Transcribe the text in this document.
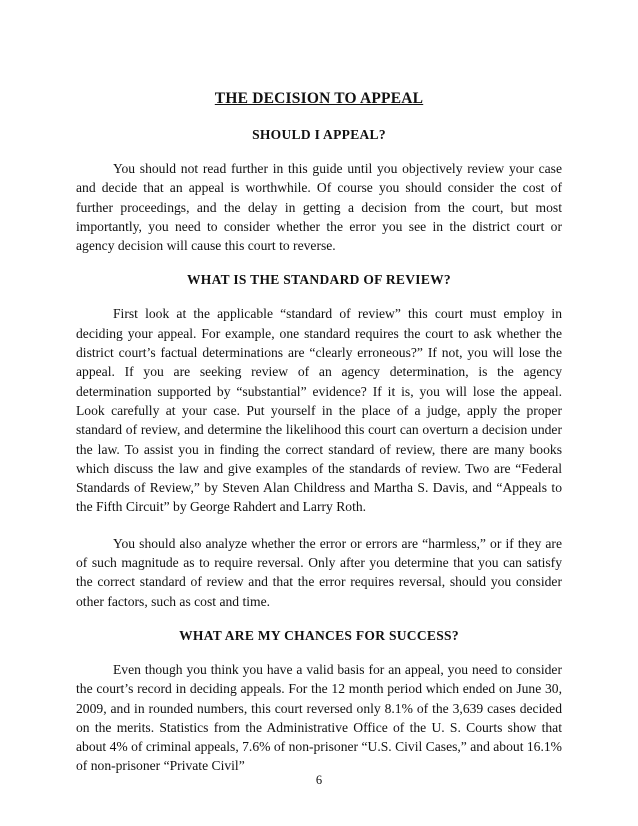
THE DECISION TO APPEAL
SHOULD I APPEAL?

You should not read further in this guide until you objectively review your case and decide that an appeal is worthwhile. Of course you should consider the cost of further proceedings, and the delay in getting a decision from the court, but most importantly, you need to consider whether the error you see in the district court or agency decision will cause this court to reverse.

WHAT IS THE STANDARD OF REVIEW?

First look at the applicable “standard of review” this court must employ in deciding your appeal. For example, one standard requires the court to ask whether the district court’s factual determinations are “clearly erroneous?” If not, you will lose the appeal. If you are seeking review of an agency determination, is the agency determination supported by “substantial” evidence? If it is, you will lose the appeal. Look carefully at your case. Put yourself in the place of a judge, apply the proper standard of review, and determine the likelihood this court can overturn a decision under the law. To assist you in finding the correct standard of review, there are many books which discuss the law and give examples of the standards of review. Two are “Federal Standards of Review,” by Steven Alan Childress and Martha S. Davis, and “Appeals to the Fifth Circuit” by George Rahdert and Larry Roth.

You should also analyze whether the error or errors are “harmless,” or if they are of such magnitude as to require reversal. Only after you determine that you can satisfy the correct standard of review and that the error requires reversal, should you consider other factors, such as cost and time.

WHAT ARE MY CHANCES FOR SUCCESS?

Even though you think you have a valid basis for an appeal, you need to consider the court’s record in deciding appeals. For the 12 month period which ended on June 30, 2009, and in rounded numbers, this court reversed only 8.1% of the 3,639 cases decided on the merits. Statistics from the Administrative Office of the U. S. Courts show that about 4% of criminal appeals, 7.6% of non-prisoner “U.S. Civil Cases,” and about 16.1% of non-prisoner “Private Civil”

6
